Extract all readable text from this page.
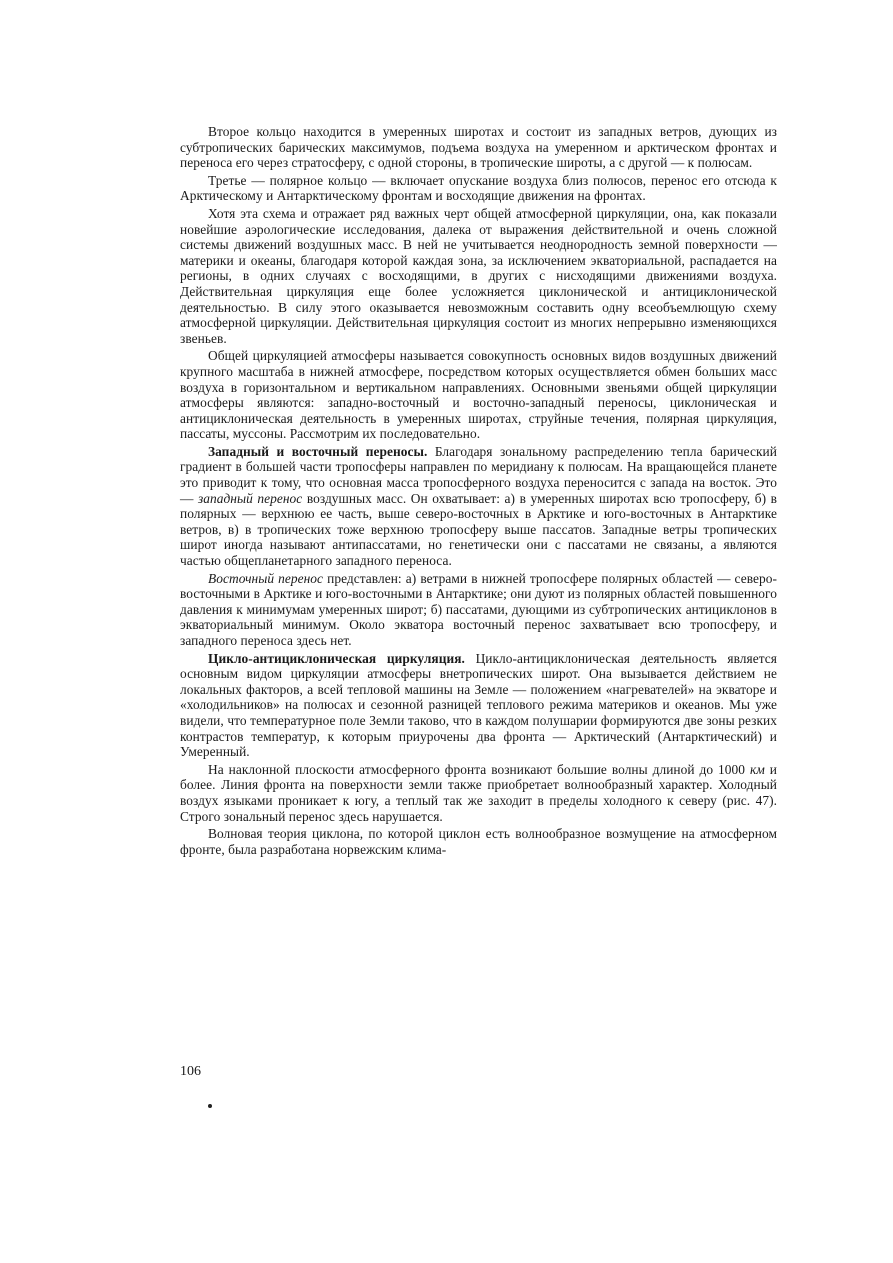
Второе кольцо находится в умеренных широтах и состоит из западных ветров, дующих из субтропических барических максимумов, подъема воздуха на умеренном и арктическом фронтах и переноса его через стратосферу, с одной стороны, в тропические широты, а с другой — к полюсам.

Третье — полярное кольцо — включает опускание воздуха близ полюсов, перенос его отсюда к Арктическому и Антарктическому фронтам и восходящие движения на фронтах.

Хотя эта схема и отражает ряд важных черт общей атмосферной циркуляции, она, как показали новейшие аэрологические исследования, далека от выражения действительной и очень сложной системы движений воздушных масс. В ней не учитывается неоднородность земной поверхности — материки и океаны, благодаря которой каждая зона, за исключением экваториальной, распадается на регионы, в одних случаях с восходящими, в других с нисходящими движениями воздуха. Действительная циркуляция еще более усложняется циклонической и антициклонической деятельностью. В силу этого оказывается невозможным составить одну всеобъемлющую схему атмосферной циркуляции. Действительная циркуляция состоит из многих непрерывно изменяющихся звеньев.

Общей циркуляцией атмосферы называется совокупность основных видов воздушных движений крупного масштаба в нижней атмосфере, посредством которых осуществляется обмен больших масс воздуха в горизонтальном и вертикальном направлениях. Основными звеньями общей циркуляции атмосферы являются: западно-восточный и восточно-западный переносы, циклоническая и антициклоническая деятельность в умеренных широтах, струйные течения, полярная циркуляция, пассаты, муссоны. Рассмотрим их последовательно.

Западный и восточный переносы. Благодаря зональному распределению тепла барический градиент в большей части тропосферы направлен по меридиану к полюсам. На вращающейся планете это приводит к тому, что основная масса тропосферного воздуха переносится с запада на восток. Это — западный перенос воздушных масс. Он охватывает: а) в умеренных широтах всю тропосферу, б) в полярных — верхнюю ее часть, выше северо-восточных в Арктике и юго-восточных в Антарктике ветров, в) в тропических тоже верхнюю тропосферу выше пассатов. Западные ветры тропических широт иногда называют антипассатами, но генетически они с пассатами не связаны, а являются частью общепланетарного западного переноса.

Восточный перенос представлен: а) ветрами в нижней тропосфере полярных областей — северо-восточными в Арктике и юго-восточными в Антарктике; они дуют из полярных областей повышенного давления к минимумам умеренных широт; б) пассатами, дующими из субтропических антициклонов в экваториальный минимум. Около экватора восточный перенос захватывает всю тропосферу, и западного переноса здесь нет.

Цикло-антициклоническая циркуляция. Цикло-антициклоническая деятельность является основным видом циркуляции атмосферы внетропических широт. Она вызывается действием не локальных факторов, а всей тепловой машины на Земле — положением «нагревателей» на экваторе и «холодильников» на полюсах и сезонной разницей теплового режима материков и океанов. Мы уже видели, что температурное поле Земли таково, что в каждом полушарии формируются две зоны резких контрастов температур, к которым приурочены два фронта — Арктический (Антарктический) и Умеренный.

На наклонной плоскости атмосферного фронта возникают большие волны длиной до 1000 км и более. Линия фронта на поверхности земли также приобретает волнообразный характер. Холодный воздух языками проникает к югу, а теплый так же заходит в пределы холодного к северу (рис. 47). Строго зональный перенос здесь нарушается.

Волновая теория циклона, по которой циклон есть волнообразное возмущение на атмосферном фронте, была разработана норвежским клима-

106
